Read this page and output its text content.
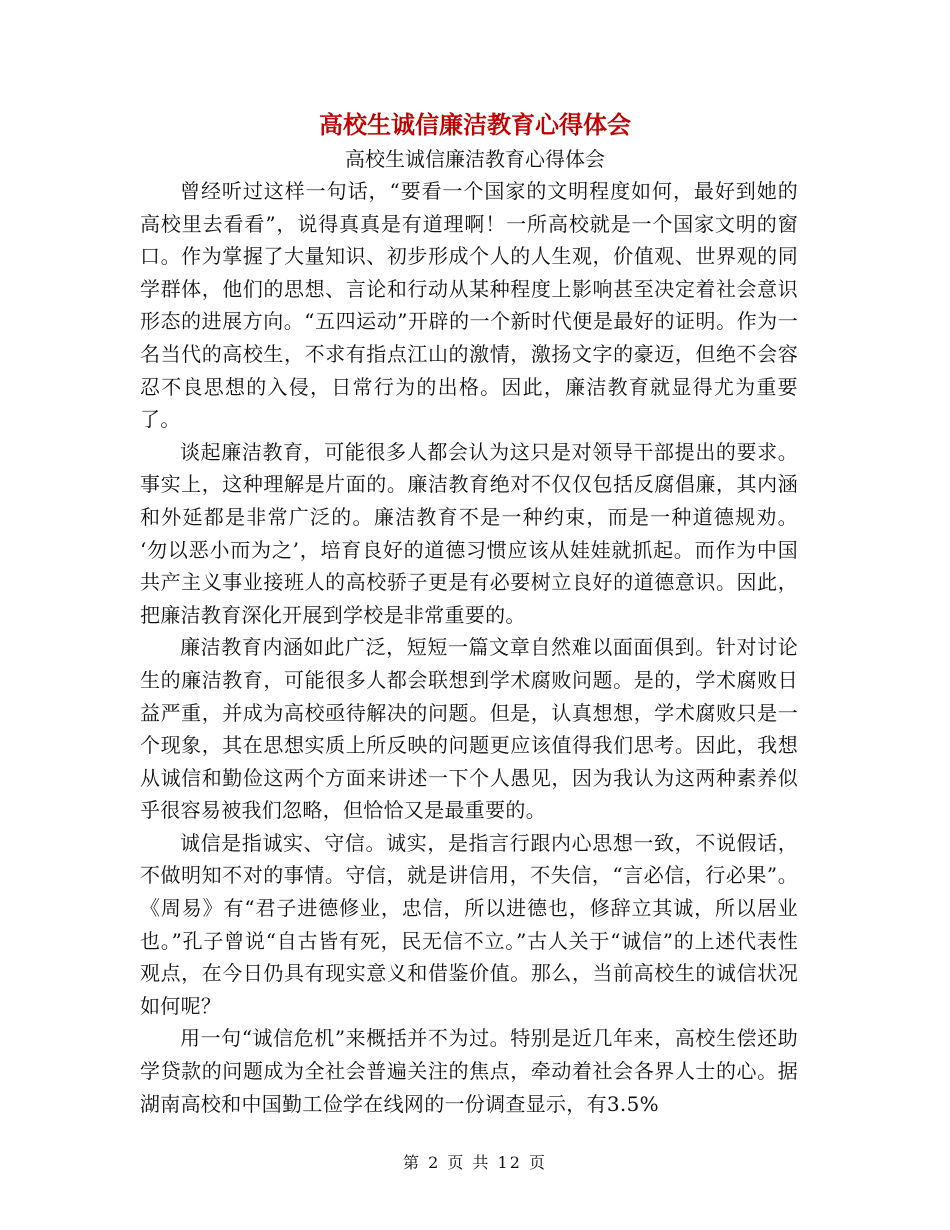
高校生诚信廉洁教育心得体会
高校生诚信廉洁教育心得体会

曾经听过这样一句话，“要看一个国家的文明程度如何，最好到她的高校里去看看”，说得真真是有道理啊！一所高校就是一个国家文明的窗口。作为掌握了大量知识、初步形成个人的人生观，价值观、世界观的同学群体，他们的思想、言论和行动从某种程度上影响甚至决定着社会意识形态的进展方向。“五四运动”开辟的一个新时代便是最好的证明。作为一名当代的高校生，不求有指点江山的激情，激扬文字的豪迈，但绝不会容忍不良思想的入侵，日常行为的出格。因此，廉洁教育就显得尤为重要了。

谈起廉洁教育，可能很多人都会认为这只是对领导干部提出的要求。事实上，这种理解是片面的。廉洁教育绝对不仅仅包括反腐倡廉，其内涵和外延都是非常广泛的。廉洁教育不是一种约束，而是一种道德规劝。 ‘勿以恶小而为之’，培育良好的道德习惯应该从娃娃就抓起。而作为中国共产主义事业接班人的高校骄子更是有必要树立良好的道德意识。因此，把廉洁教育深化开展到学校是非常重要的。

廉洁教育内涵如此广泛，短短一篇文章自然难以面面俱到。针对讨论生的廉洁教育，可能很多人都会联想到学术腐败问题。是的，学术腐败日益严重，并成为高校亟待解决的问题。但是，认真想想，学术腐败只是一个现象，其在思想实质上所反映的问题更应该值得我们思考。因此，我想从诚信和勤俭这两个方面来讲述一下个人愚见，因为我认为这两种素养似乎很容易被我们忽略，但恰恰又是最重要的。

诚信是指诚实、守信。诚实，是指言行跟内心思想一致，不说假话，不做明知不对的事情。守信，就是讲信用，不失信，“言必信，行必果”。《周易》有“君子进德修业，忠信，所以进德也，修辞立其诚，所以居业也。”孔子曾说“自古皆有死，民无信不立。”古人关于“诚信”的上述代表性观点，在今日仍具有现实意义和借鉴价值。那么，当前高校生的诚信状况如何呢？

用一句“诚信危机”来概括并不为过。特别是近几年来，高校生偿还助学贷款的问题成为全社会普遍关注的焦点，牵动着社会各界人士的心。据湖南高校和中国勤工俭学在线网的一份调查显示，有3.5%

第 2 页 共 12 页
